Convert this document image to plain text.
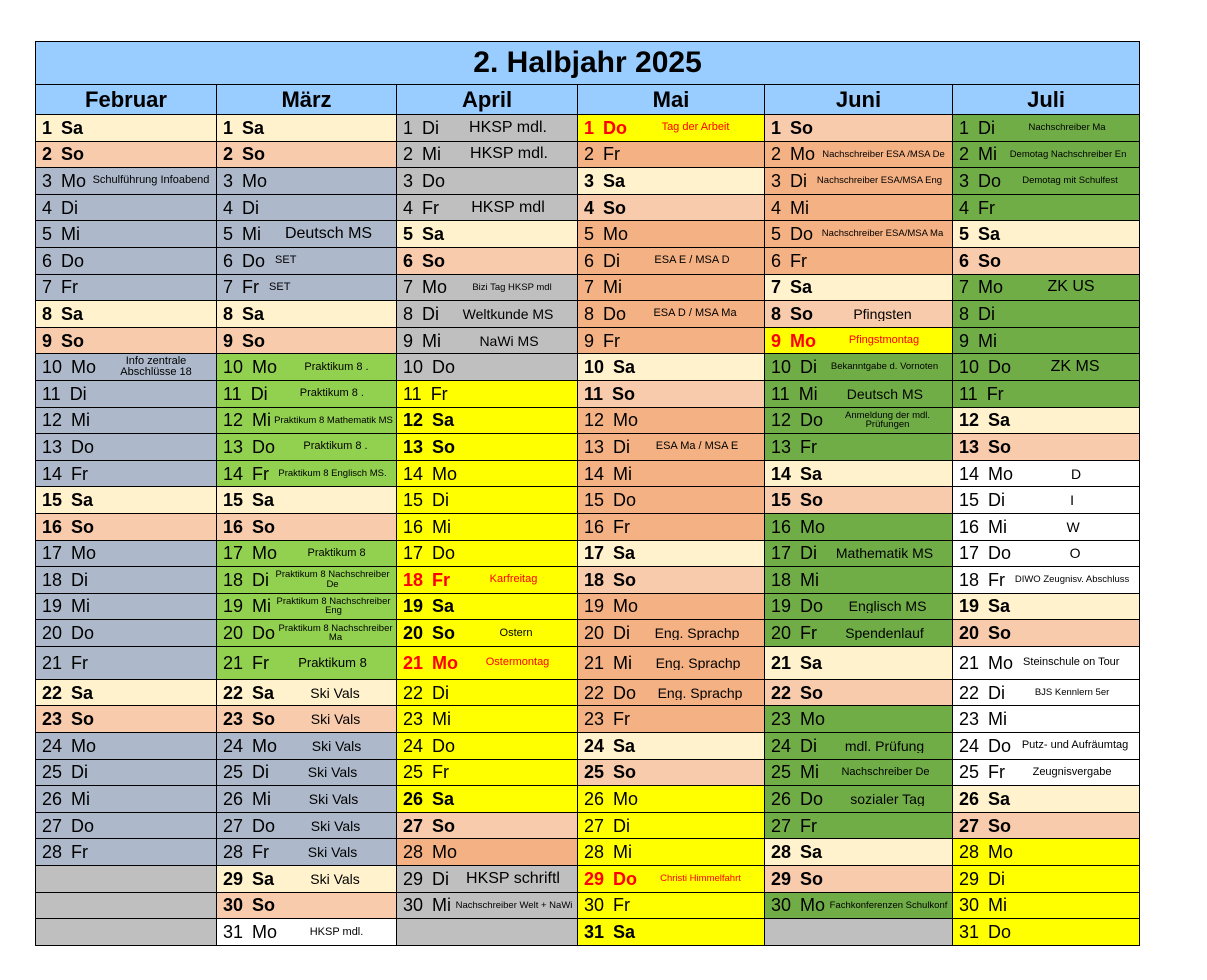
2. Halbjahr 2025					
Februar	März	April	Mai	Juni	Juli

1 Sa	1 Sa	1 Di HKSP mdl.	1 Do Tag der Arbeit	1 So	1 Di Nachschreiber Ma

2 So	2 So	2 Mi HKSP mdl.	2 Fr	2 Mo Nachschreiber ESA /MSA De	2 Mi Demotag Nachschreiber En

3 Mo Schulführung Infoabend	3 Mo	3 Do	3 Sa	3 Di Nachschreiber ESA/MSA Eng	3 Do Demotag mit Schulfest

4 Di	4 Di	4 Fr HKSP mdl	4 So	4 Mi	4 Fr

5 Mi	5 Mi Deutsch MS	5 Sa	5 Mo	5 Do Nachschreiber ESA/MSA Ma	5 Sa

6 Do	6 Do SET	6 So	6 Di ESA E / MSA D	6 Fr	6 So

7 Fr	7 Fr SET	7 Mo Bizi Tag HKSP mdl	7 Mi	7 Sa	7 Mo ZK US

8 Sa	8 Sa	8 Di Weltkunde MS	8 Do ESA D / MSA Ma	8 So Pfingsten	8 Di

9 So	9 So	9 Mi NaWi MS	9 Fr	9 Mo Pfingstmontag	9 Mi

10 Mo Info zentrale Abschlüsse 18	10 Mo Praktikum 8 .	10 Do	10 Sa	10 Di Bekanntgabe d. Vornoten	10 Do ZK MS

11 Di	11 Di Praktikum 8 .	11 Fr	11 So	11 Mi Deutsch MS	11 Fr

12 Mi	12 Mi Praktikum 8 Mathematik MS	12 Sa	12 Mo	12 Do Anmeldung der mdl. Prüfungen	12 Sa

13 Do	13 Do Praktikum 8 .	13 So	13 Di ESA Ma / MSA E	13 Fr	13 So

14 Fr	14 Fr Praktikum 8 Englisch MS.	14 Mo	14 Mi	14 Sa	14 Mo D

15 Sa	15 Sa	15 Di	15 Do	15 So	15 Di I

16 So	16 So	16 Mi	16 Fr	16 Mo	16 Mi W

17 Mo	17 Mo Praktikum 8	17 Do	17 Sa	17 Di Mathematik MS	17 Do O

18 Di	18 Di Praktikum 8 Nachschreiber De	18 Fr Karfreitag	18 So	18 Mi	18 Fr DIWO Zeugnisv. Abschluss

19 Mi	19 Mi Praktikum 8 Nachschreiber Eng	19 Sa	19 Mo	19 Do Englisch MS	19 Sa

20 Do	20 Do Praktikum 8 Nachschreiber Ma	20 So Ostern	20 Di Eng. Sprachp	20 Fr Spendenlauf	20 So

21 Fr	21 Fr Praktikum 8	21 Mo Ostermontag	21 Mi Eng. Sprachp	21 Sa	21 Mo Steinschule on Tour

22 Sa	22 Sa Ski Vals	22 Di	22 Do Eng. Sprachp	22 So	22 Di BJS Kennlern 5er

23 So	23 So Ski Vals	23 Mi	23 Fr	23 Mo	23 Mi

24 Mo	24 Mo Ski Vals	24 Do	24 Sa	24 Di mdl. Prüfung	24 Do Putz- und Aufräumtag

25 Di	25 Di Ski Vals	25 Fr	25 So	25 Mi Nachschreiber De	25 Fr Zeugnisvergabe

26 Mi	26 Mi Ski Vals	26 Sa	26 Mo	26 Do sozialer Tag	26 Sa

27 Do	27 Do Ski Vals	27 So	27 Di	27 Fr	27 So

28 Fr	28 Fr Ski Vals	28 Mo	28 Mi	28 Sa	28 Mo

	29 Sa Ski Vals	29 Di HKSP schriftl	29 Do Christi Himmelfahrt	29 So	29 Di

	30 So	30 Mi Nachschreiber Welt + NaWi	30 Fr	30 Mo Fachkonferenzen Schulkonf	30 Mi

	31 Mo HKSP mdl.		31 Sa		31 Do
